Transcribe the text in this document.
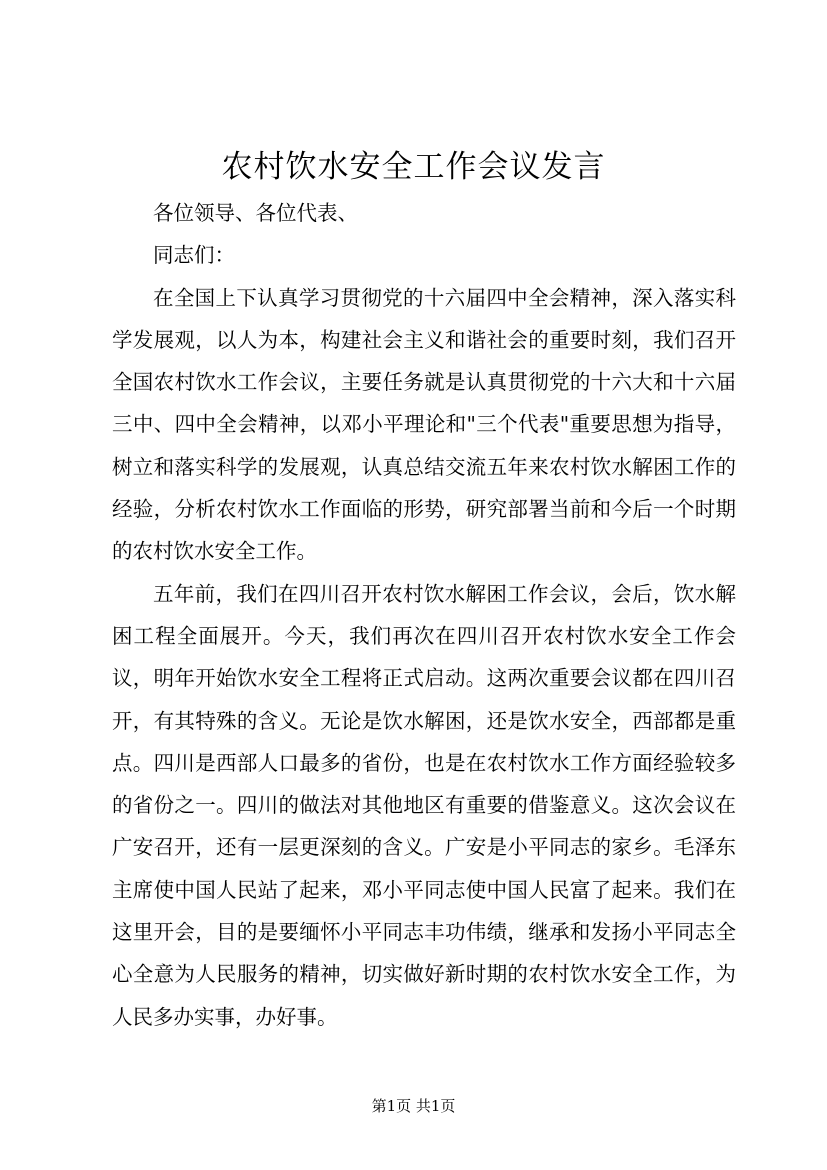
农村饮水安全工作会议发言

各位领导、各位代表、

同志们：

在全国上下认真学习贯彻党的十六届四中全会精神，深入落实科学发展观，以人为本，构建社会主义和谐社会的重要时刻，我们召开全国农村饮水工作会议，主要任务就是认真贯彻党的十六大和十六届三中、四中全会精神，以邓小平理论和"三个代表"重要思想为指导，树立和落实科学的发展观，认真总结交流五年来农村饮水解困工作的经验，分析农村饮水工作面临的形势，研究部署当前和今后一个时期的农村饮水安全工作。

五年前，我们在四川召开农村饮水解困工作会议，会后，饮水解困工程全面展开。今天，我们再次在四川召开农村饮水安全工作会议，明年开始饮水安全工程将正式启动。这两次重要会议都在四川召开，有其特殊的含义。无论是饮水解困，还是饮水安全，西部都是重点。四川是西部人口最多的省份，也是在农村饮水工作方面经验较多的省份之一。四川的做法对其他地区有重要的借鉴意义。这次会议在广安召开，还有一层更深刻的含义。广安是小平同志的家乡。毛泽东主席使中国人民站了起来，邓小平同志使中国人民富了起来。我们在这里开会，目的是要缅怀小平同志丰功伟绩，继承和发扬小平同志全心全意为人民服务的精神，切实做好新时期的农村饮水安全工作，为人民多办实事，办好事。

第1页 共1页
